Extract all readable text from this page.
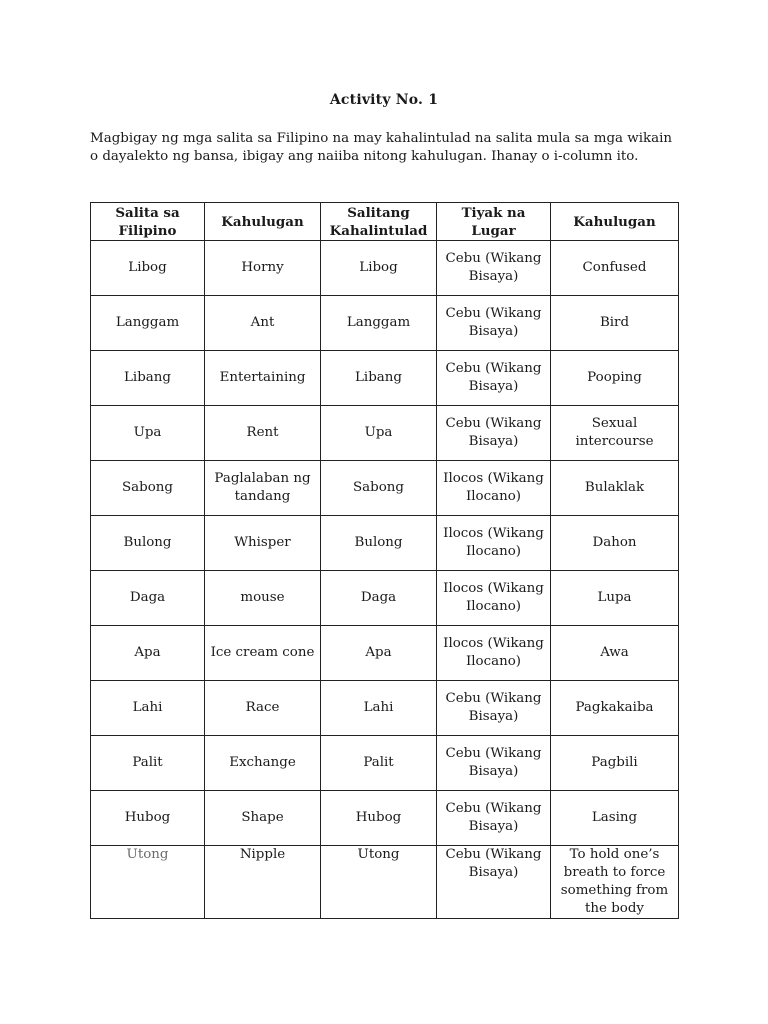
Activity No. 1

Magbigay ng mga salita sa Filipino na may kahalintulad na salita mula sa mga wikain o dayalekto ng bansa, ibigay ang naiiba nitong kahulugan. Ihanay o i-column ito.

Salita sa Filipino	Kahulugan	Salitang Kahalintulad	Tiyak na Lugar	Kahulugan
Libog	Horny	Libog	Cebu (Wikang Bisaya)	Confused
Langgam	Ant	Langgam	Cebu (Wikang Bisaya)	Bird
Libang	Entertaining	Libang	Cebu (Wikang Bisaya)	Pooping
Upa	Rent	Upa	Cebu (Wikang Bisaya)	Sexual intercourse
Sabong	Paglalaban ng tandang	Sabong	Ilocos (Wikang Ilocano)	Bulaklak
Bulong	Whisper	Bulong	Ilocos (Wikang Ilocano)	Dahon
Daga	mouse	Daga	Ilocos (Wikang Ilocano)	Lupa
Apa	Ice cream cone	Apa	Ilocos (Wikang Ilocano)	Awa
Lahi	Race	Lahi	Cebu (Wikang Bisaya)	Pagkakaiba
Palit	Exchange	Palit	Cebu (Wikang Bisaya)	Pagbili
Hubog	Shape	Hubog	Cebu (Wikang Bisaya)	Lasing
Utong	Nipple	Utong	Cebu (Wikang Bisaya)	To hold one’s breath to force something from the body
